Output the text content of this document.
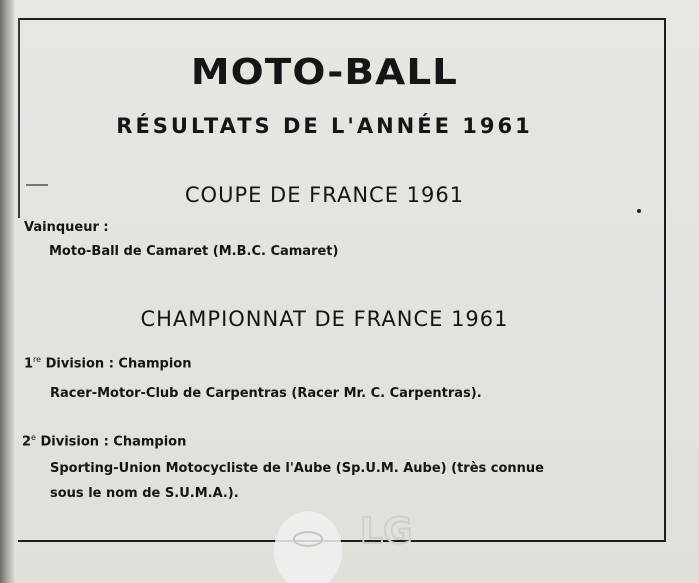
MOTO-BALL
RÉSULTATS DE L'ANNÉE 1961
COUPE DE FRANCE 1961
Vainqueur :
Moto-Ball de Camaret (M.B.C. Camaret)
CHAMPIONNAT DE FRANCE 1961
1re Division : Champion
Racer-Motor-Club de Carpentras (Racer Mr. C. Carpentras).
2e Division : Champion
Sporting-Union Motocycliste de l'Aube (Sp.U.M. Aube) (très connue
sous le nom de S.U.M.A.).
LG
